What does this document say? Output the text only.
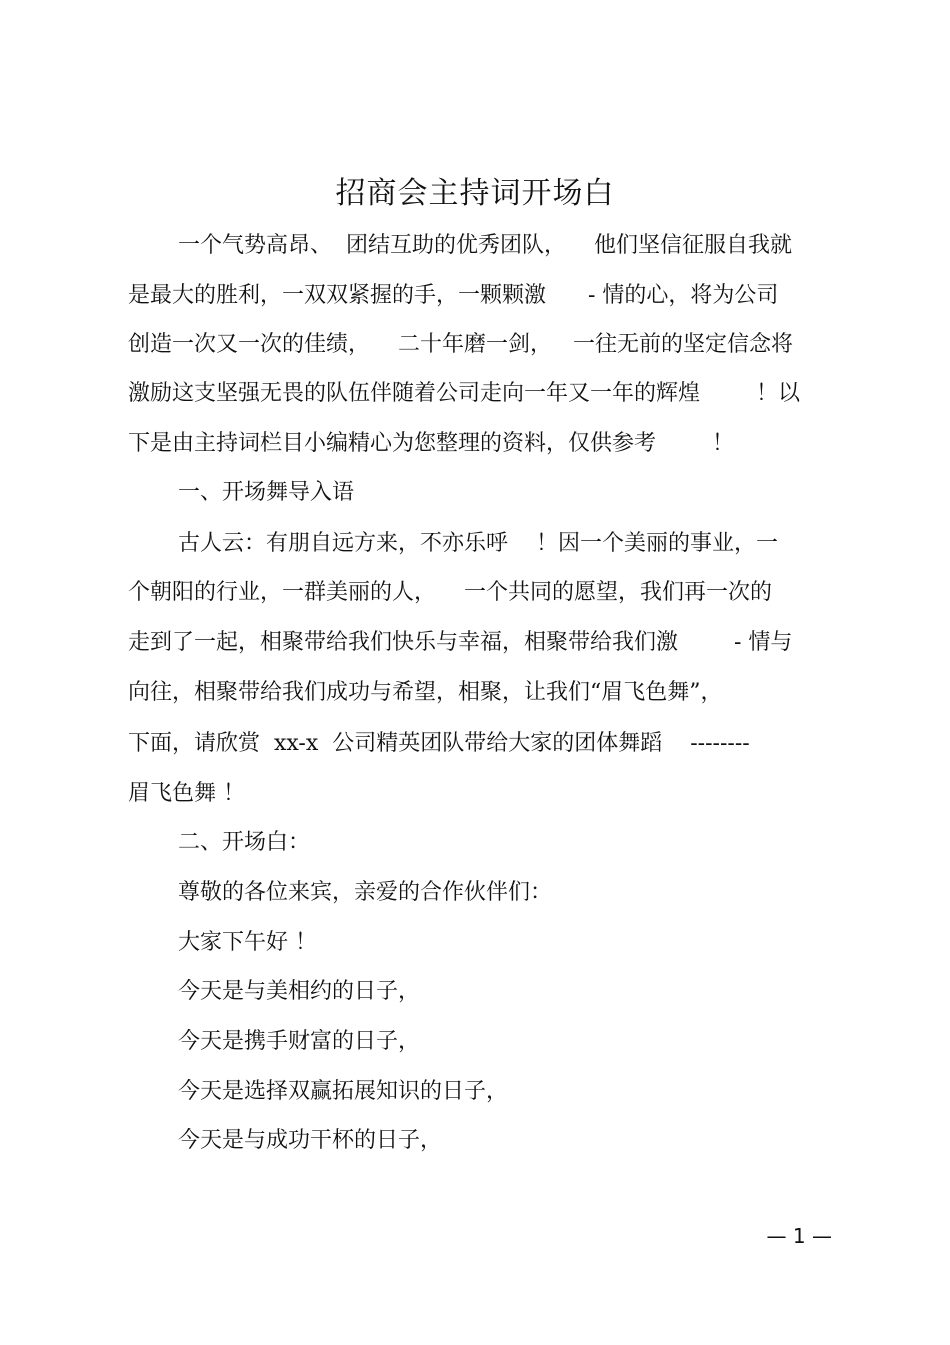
招商会主持词开场白

一个气势高昂、  团结互助的优秀团队，    他们坚信征服自我就

是最大的胜利，一双双紧握的手，一颗颗激      - 情的心，将为公司

创造一次又一次的佳绩，    二十年磨一剑，   一往无前的坚定信念将

激励这支坚强无畏的队伍伴随着公司走向一年又一年的辉煌        ！以

下是由主持词栏目小编精心为您整理的资料，仅供参考        ！

一、开场舞导入语

古人云：有朋自远方来，不亦乐呼    ！因一个美丽的事业，一

个朝阳的行业，一群美丽的人，    一个共同的愿望，我们再一次的

走到了一起，相聚带给我们快乐与幸福，相聚带给我们激        - 情与

向往，相聚带给我们成功与希望，相聚，让我们“眉飞色舞”，

下面，请欣赏  xx-x  公司精英团队带给大家的团体舞蹈    --------

眉飞色舞 ！

二、开场白：

尊敬的各位来宾，亲爱的合作伙伴们：

大家下午好 ！

今天是与美相约的日子，

今天是携手财富的日子，

今天是选择双赢拓展知识的日子，

今天是与成功干杯的日子，

— 1 —
